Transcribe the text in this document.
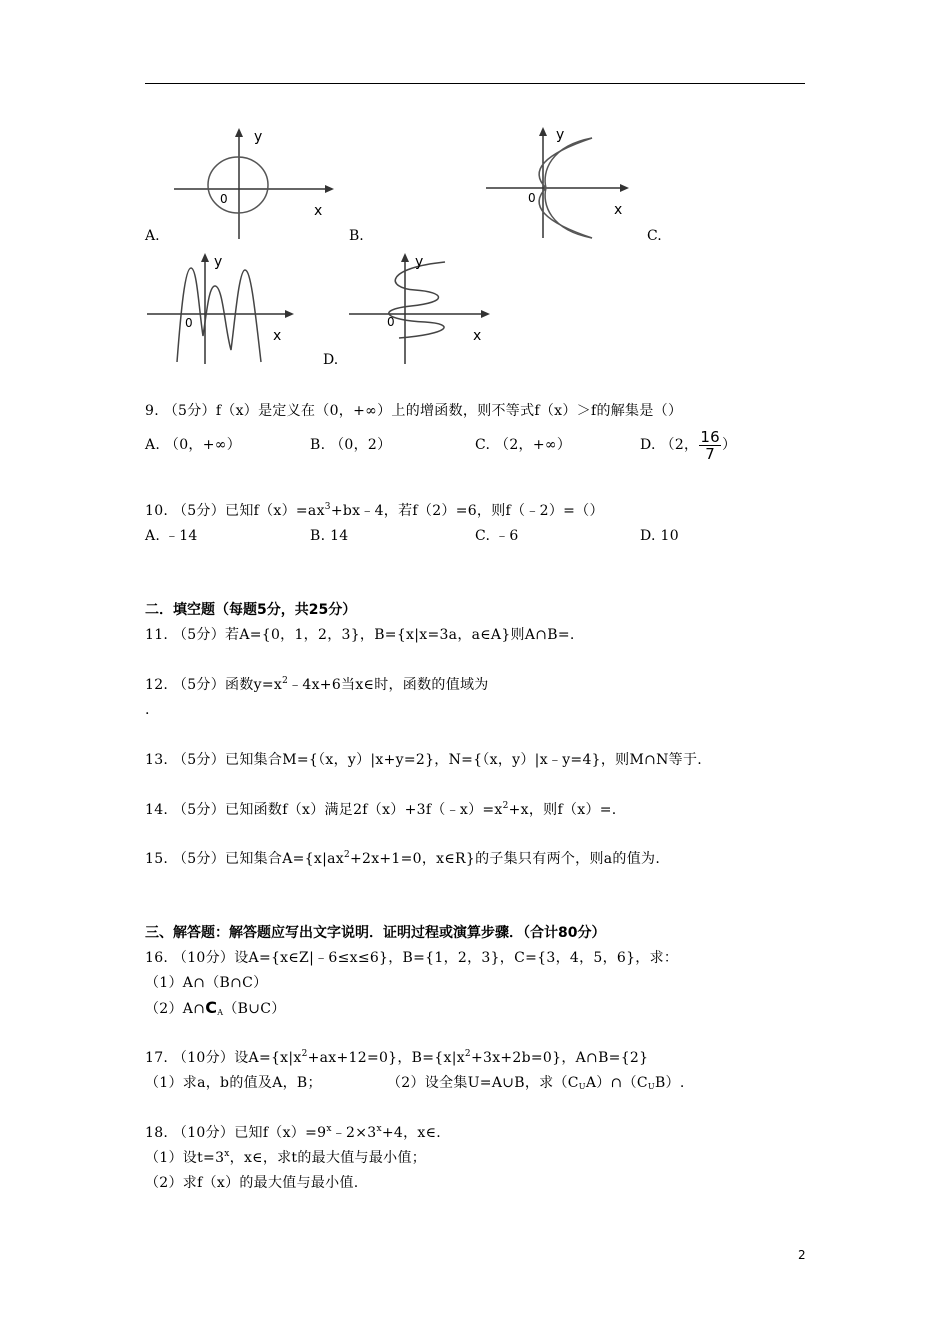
y
x
0
A.
y
x
0
B.	C.
y
x
0
y
x
0
D.
9. （5分）f（x）是定义在（0，+∞）上的增函数，则不等式f（x）＞f的解集是（）
A. （0，+∞）	B. （0，2）	C. （2，+∞）	D. （2， $\frac{16}{7}$ ）
10. （5分）已知$f(x)=ax^3+bx﹣4$，若f（2）=6，则f（﹣2）=（）
A. ﹣14	B. 14	C. ﹣6	D. 10
二．填空题（每题5分，共25分）
11. （5分）若A={0，1，2，3}，B={x|x=3a，a∈A}则A∩B=.
12. （5分）函数$y=x^2﹣4x+6$当x∈时，函数的值域为
.
13. （5分）已知集合M={（x，y）|x+y=2}，N={（x，y）|x﹣y=4}，则M∩N等于.
14. （5分）已知函数f（x）满足$2f(x)+3f(﹣x)=x^2+x$，则f（x）=.
15. （5分）已知集合$A=\{x|ax^2+2x+1=0$，x∈R}的子集只有两个，则a的值为.
三、解答题：解答题应写出文字说明．证明过程或演算步骤．（合计80分）
16. （10分）设A={x∈Z|﹣6≤x≤6}，B={1，2，3}，C={3，4，5，6}，求：
（1）A∩（B∩C）
$(2)A\cap C_A(B\cup C)$
17. （10分）设$A=\{x|x^2+ax+12=0\}$，$B=\{x|x^2+3x+2b=0\}$，A∩B={2}
（1）求a，b的值及A，B；	（2）设全集U=A∪B，求$(C_UA)\cap(C_UB)$.
18. （10分）已知$f(x)=9^x﹣2\times 3^x+4$，x∈.
（1）设$t=3^x$，x∈，求t的最大值与最小值；
（2）求f（x）的最大值与最小值.
2
